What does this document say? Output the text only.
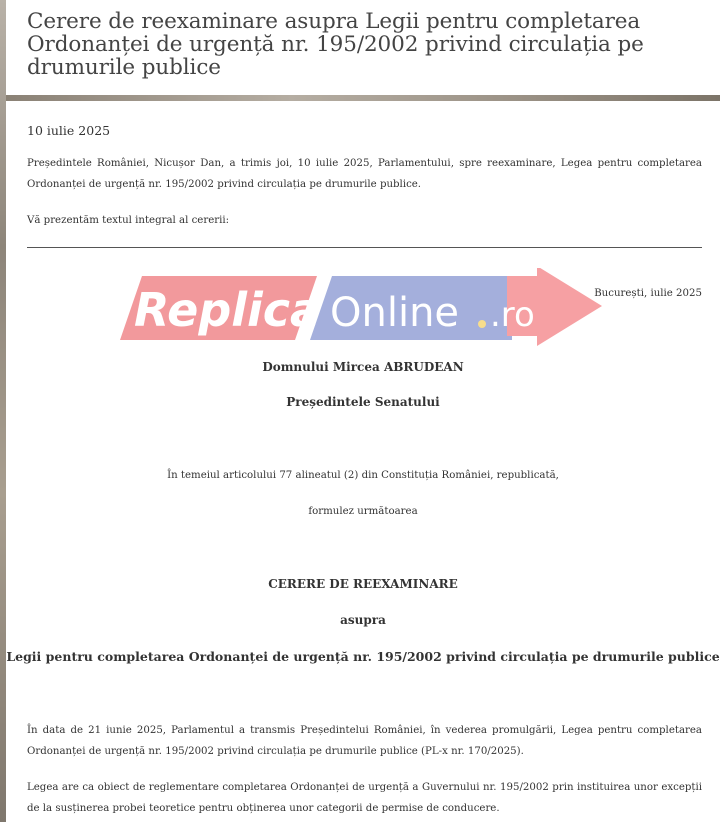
Cerere de reexaminare asupra Legii pentru completarea Ordonanței de urgență nr. 195/2002 privind circulația pe drumurile publice

10 iulie 2025

Președintele României, Nicușor Dan, a trimis joi, 10 iulie 2025, Parlamentului, spre reexaminare, Legea pentru completarea Ordonanței de urgență nr. 195/2002 privind circulația pe drumurile publice.

Vă prezentăm textul integral al cererii:

București, iulie 2025

Domnului Mircea ABRUDEAN

Președintele Senatului

În temeiul articolului 77 alineatul (2) din Constituția României, republicată,

formulez următoarea

CERERE DE REEXAMINARE

asupra

Legii pentru completarea Ordonanței de urgență nr. 195/2002 privind circulația pe drumurile publice

În data de 21 iunie 2025, Parlamentul a transmis Președintelui României, în vederea promulgării, Legea pentru completarea Ordonanței de urgență nr. 195/2002 privind circulația pe drumurile publice (PL-x nr. 170/2025).

Legea are ca obiect de reglementare completarea Ordonanței de urgență a Guvernului nr. 195/2002 prin instituirea unor excepții de la susținerea probei teoretice pentru obținerea unor categorii de permise de conducere.

Replica Online .ro
